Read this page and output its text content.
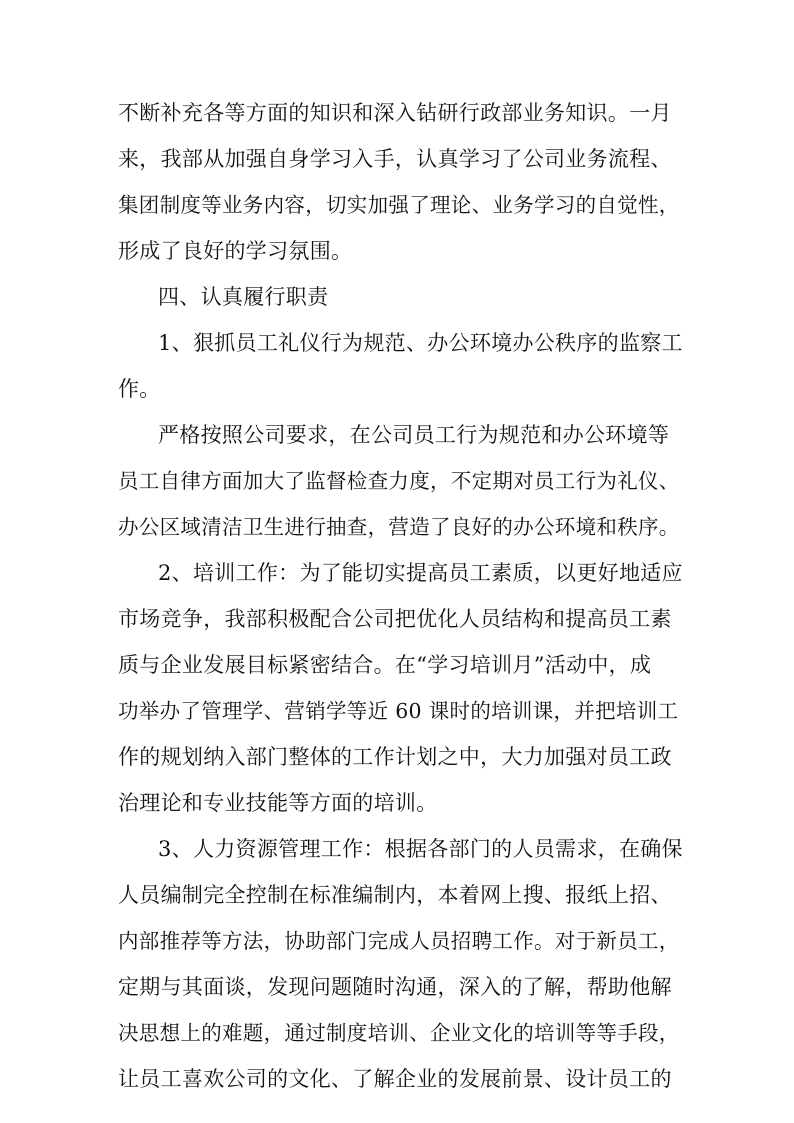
不断补充各等方面的知识和深入钻研行政部业务知识。一月
来，我部从加强自身学习入手，认真学习了公司业务流程、
集团制度等业务内容，切实加强了理论、业务学习的自觉性，
形成了良好的学习氛围。
四、认真履行职责
1、狠抓员工礼仪行为规范、办公环境办公秩序的监察工
作。
严格按照公司要求，在公司员工行为规范和办公环境等
员工自律方面加大了监督检查力度，不定期对员工行为礼仪、
办公区域清洁卫生进行抽查，营造了良好的办公环境和秩序。
2、培训工作：为了能切实提高员工素质，以更好地适应
市场竞争，我部积极配合公司把优化人员结构和提高员工素
质与企业发展目标紧密结合。在“学习培训月”活动中，成
功举办了管理学、营销学等近 60 课时的培训课，并把培训工
作的规划纳入部门整体的工作计划之中，大力加强对员工政
治理论和专业技能等方面的培训。
3、人力资源管理工作：根据各部门的人员需求，在确保
人员编制完全控制在标准编制内，本着网上搜、报纸上招、
内部推荐等方法，协助部门完成人员招聘工作。对于新员工，
定期与其面谈，发现问题随时沟通，深入的了解，帮助他解
决思想上的难题，通过制度培训、企业文化的培训等等手段，
让员工喜欢公司的文化、了解企业的发展前景、设计员工的
